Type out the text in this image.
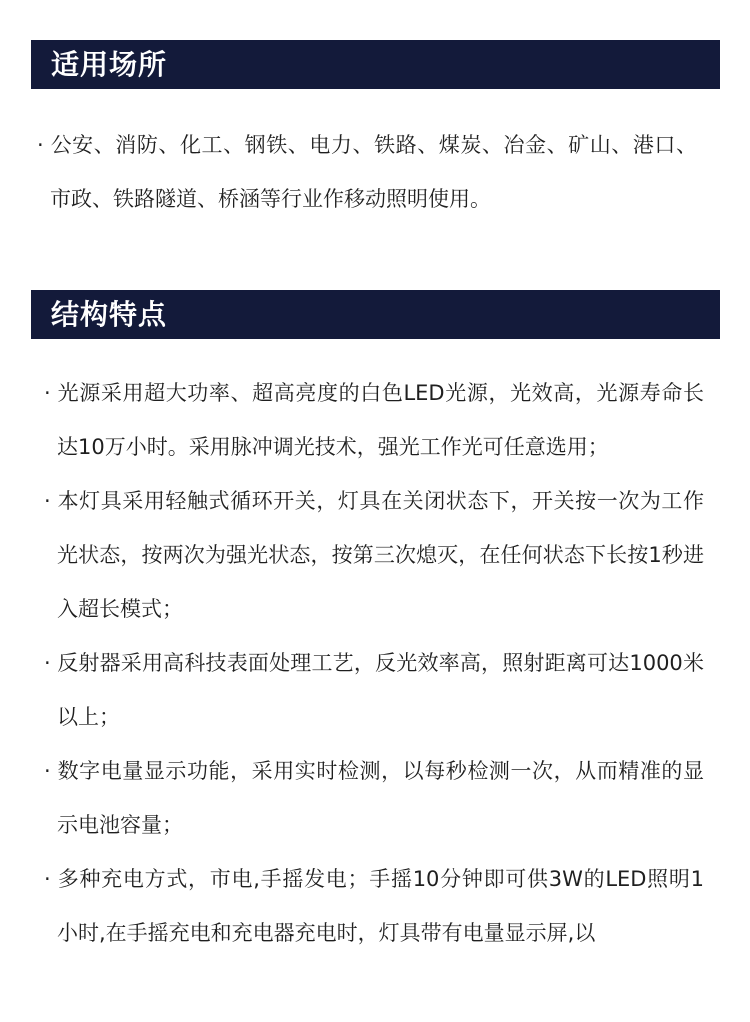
适用场所

· 公安、消防、化工、钢铁、电力、铁路、煤炭、冶金、矿山、港口、市政、铁路隧道、桥涵等行业作移动照明使用。

结构特点

· 光源采用超大功率、超高亮度的白色LED光源，光效高，光源寿命长达10万小时。采用脉冲调光技术，强光工作光可任意选用；

· 本灯具采用轻触式循环开关，灯具在关闭状态下，开关按一次为工作光状态，按两次为强光状态，按第三次熄灭，在任何状态下长按1秒进入超长模式；

· 反射器采用高科技表面处理工艺，反光效率高，照射距离可达1000米以上；

· 数字电量显示功能，采用实时检测，以每秒检测一次，从而精准的显示电池容量；

· 多种充电方式，市电,手摇发电；手摇10分钟即可供3W的LED照明1小时,在手摇充电和充电器充电时，灯具带有电量显示屏,以
